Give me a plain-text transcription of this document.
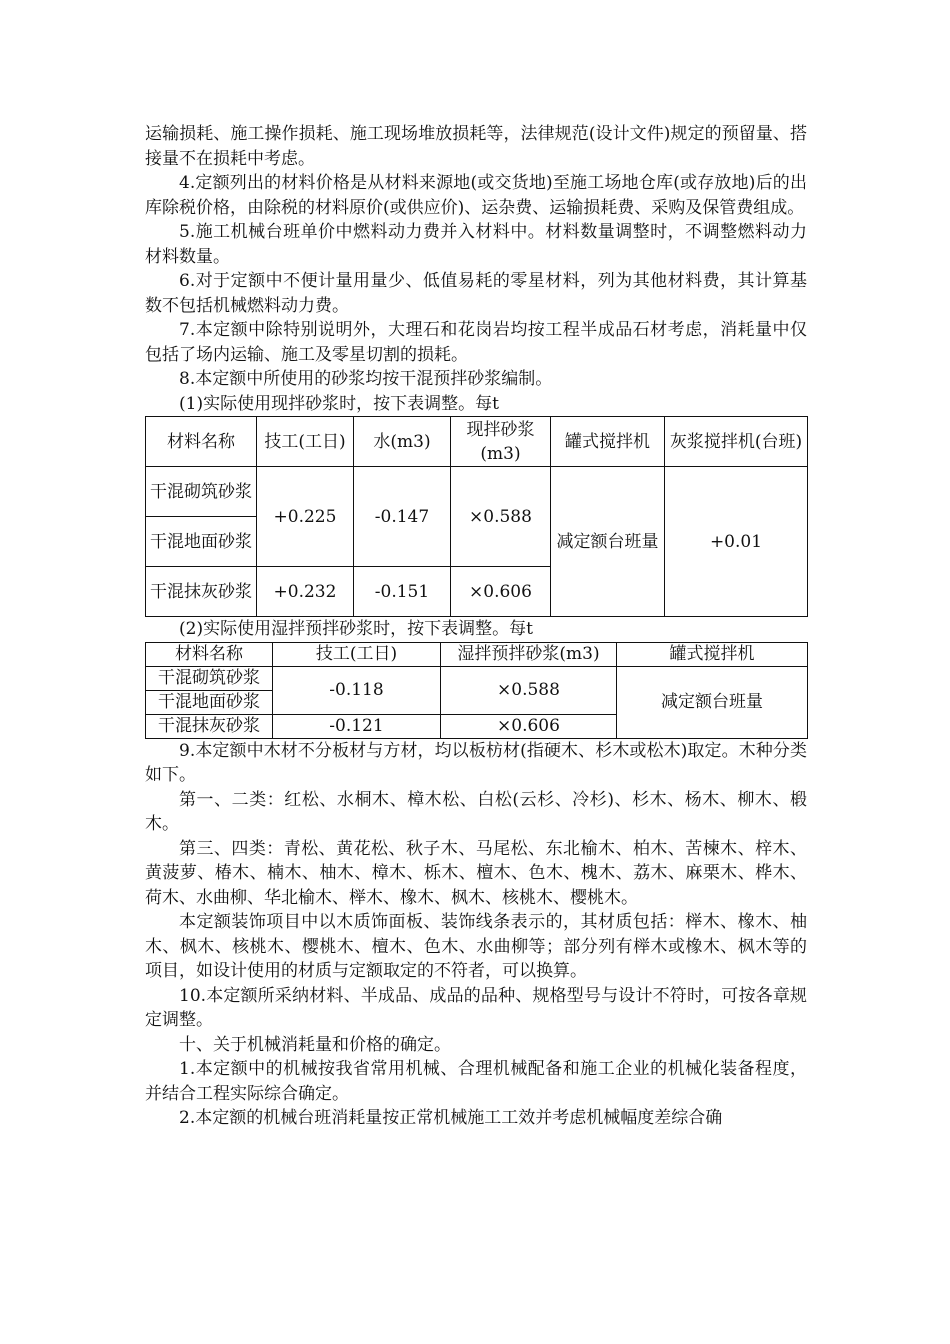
运输损耗、施工操作损耗、施工现场堆放损耗等，法律规范(设计文件)规定的预留量、搭接量不在损耗中考虑。

4.定额列出的材料价格是从材料来源地(或交货地)至施工场地仓库(或存放地)后的出库除税价格，由除税的材料原价(或供应价)、运杂费、运输损耗费、采购及保管费组成。

5.施工机械台班单价中燃料动力费并入材料中。材料数量调整时，不调整燃料动力材料数量。

6.对于定额中不便计量用量少、低值易耗的零星材料，列为其他材料费，其计算基数不包括机械燃料动力费。

7.本定额中除特别说明外，大理石和花岗岩均按工程半成品石材考虑，消耗量中仅包括了场内运输、施工及零星切割的损耗。

8.本定额中所使用的砂浆均按干混预拌砂浆编制。

(1)实际使用现拌砂浆时，按下表调整。每t

材料名称	技工(工日)	水(m3)	现拌砂浆(m3)	罐式搅拌机	灰浆搅拌机(台班)
干混砌筑砂浆	+0.225	-0.147	×0.588	减定额台班量	+0.01
干混地面砂浆					
干混抹灰砂浆	+0.232	-0.151	×0.606		

(2)实际使用湿拌预拌砂浆时，按下表调整。每t

材料名称	技工(工日)	湿拌预拌砂浆(m3)	罐式搅拌机
干混砌筑砂浆	-0.118	×0.588	减定额台班量
干混地面砂浆			
干混抹灰砂浆	-0.121	×0.606	

9.本定额中木材不分板材与方材，均以板枋材(指硬木、杉木或松木)取定。木种分类如下。

第一、二类：红松、水桐木、樟木松、白松(云杉、冷杉)、杉木、杨木、柳木、椴木。

第三、四类：青松、黄花松、秋子木、马尾松、东北榆木、柏木、苦楝木、梓木、黄菠萝、椿木、楠木、柚木、樟木、栎木、檀木、色木、槐木、荔木、麻栗木、桦木、荷木、水曲柳、华北榆木、榉木、橡木、枫木、核桃木、樱桃木。

本定额装饰项目中以木质饰面板、装饰线条表示的，其材质包括：榉木、橡木、柚木、枫木、核桃木、樱桃木、檀木、色木、水曲柳等；部分列有榉木或橡木、枫木等的项目，如设计使用的材质与定额取定的不符者，可以换算。

10.本定额所采纳材料、半成品、成品的品种、规格型号与设计不符时，可按各章规定调整。

十、关于机械消耗量和价格的确定。

1.本定额中的机械按我省常用机械、合理机械配备和施工企业的机械化装备程度，并结合工程实际综合确定。

2.本定额的机械台班消耗量按正常机械施工工效并考虑机械幅度差综合确
